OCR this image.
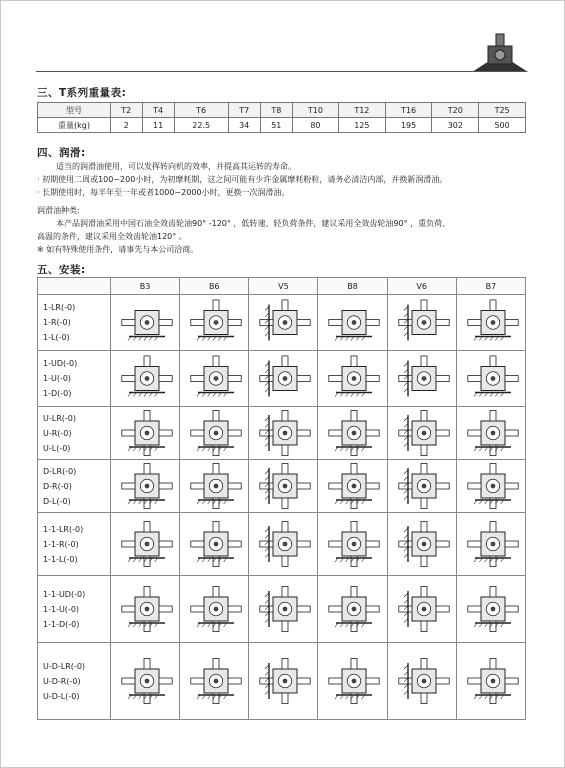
三、T系列重量表:
型号	T2	T4	T6	T7	T8	T10	T12	T16	T20	T25
重量(kg)	2	11	22.5	34	51	80	125	195	302	500
四、润滑:
适当的润滑油使用，可以发挥转向机的效率，并提高其运转的寿命。
· 初期使用二周或100~200小时，为初摩耗期，这之间可能有少许金属摩耗粉粒，请务必清洁内部，并换新润滑油。
· 长期使用时，每半年至一年或者1000~2000小时，更换一次润滑油。
润滑油种类:
本产品润滑油采用中国石油全效齿轮油90° -120° ，低转速、轻负荷条件，建议采用全效齿轮油90° ，重负荷、
高温的条件，建议采用全效齿轮油120° 。
※ 如有特殊使用条件，请事先与本公司洽商。
五、安装:
	B3	B6	V5	B8	V6	B7

1-LR(-0)
1-R(-0)
1-L(-0)

1-UD(-0)
1-U(-0)
1-D(-0)

U-LR(-0)
U-R(-0)
U-L(-0)

D-LR(-0)
D-R(-0)
D-L(-0)

1-1-LR(-0)
1-1-R(-0)
1-1-L(-0)

1-1-UD(-0)
1-1-U(-0)
1-1-D(-0)

U-D-LR(-0)
U-D-R(-0)
U-D-L(-0)
